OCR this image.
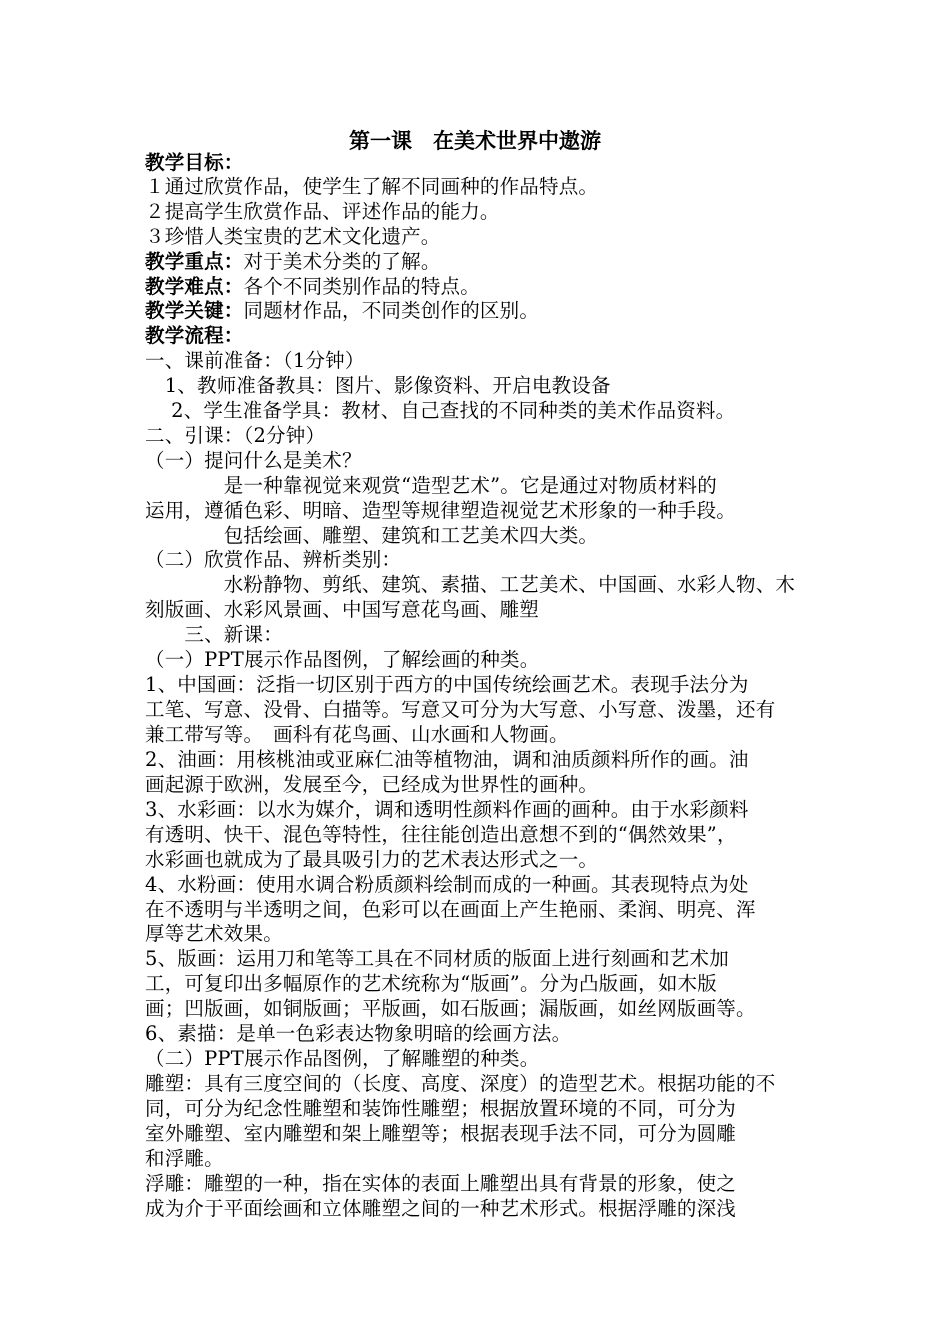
第一课　在美术世界中遨游
教学目标：
１通过欣赏作品，使学生了解不同画种的作品特点。
２提高学生欣赏作品、评述作品的能力。
３珍惜人类宝贵的艺术文化遗产。
教学重点：对于美术分类的了解。
教学难点：各个不同类别作品的特点。
教学关键：同题材作品，不同类创作的区别。
教学流程：
一、课前准备：（1分钟）
　1、教师准备教具：图片、影像资料、开启电教设备
　 2、学生准备学具：教材、自己查找的不同种类的美术作品资料。
二、引课：（2分钟）
（一）提问什么是美术？
　　　　是一种靠视觉来观赏“造型艺术”。它是通过对物质材料的
运用，遵循色彩、明暗、造型等规律塑造视觉艺术形象的一种手段。
　　　　包括绘画、雕塑、建筑和工艺美术四大类。
（二）欣赏作品、辨析类别：
　　　　水粉静物、剪纸、建筑、素描、工艺美术、中国画、水彩人物、木
刻版画、水彩风景画、中国写意花鸟画、雕塑
　　三、新课：
（一）PPT展示作品图例，了解绘画的种类。
1、中国画：泛指一切区别于西方的中国传统绘画艺术。表现手法分为
工笔、写意、没骨、白描等。写意又可分为大写意、小写意、泼墨，还有
兼工带写等。　画科有花鸟画、山水画和人物画。
2、油画：用核桃油或亚麻仁油等植物油，调和油质颜料所作的画。油
画起源于欧洲，发展至今，已经成为世界性的画种。
3、水彩画：以水为媒介，调和透明性颜料作画的画种。由于水彩颜料
有透明、快干、混色等特性，往往能创造出意想不到的“偶然效果”，
水彩画也就成为了最具吸引力的艺术表达形式之一。
4、水粉画：使用水调合粉质颜料绘制而成的一种画。其表现特点为处
在不透明与半透明之间，色彩可以在画面上产生艳丽、柔润、明亮、浑
厚等艺术效果。
5、版画：运用刀和笔等工具在不同材质的版面上进行刻画和艺术加
工，可复印出多幅原作的艺术统称为“版画”。分为凸版画，如木版
画；凹版画，如铜版画；平版画，如石版画；漏版画，如丝网版画等。
6、素描：是单一色彩表达物象明暗的绘画方法。
（二）PPT展示作品图例，了解雕塑的种类。
雕塑：具有三度空间的（长度、高度、深度）的造型艺术。根据功能的不
同，可分为纪念性雕塑和装饰性雕塑；根据放置环境的不同，可分为
室外雕塑、室内雕塑和架上雕塑等；根据表现手法不同，可分为圆雕
和浮雕。
浮雕：雕塑的一种，指在实体的表面上雕塑出具有背景的形象，使之
成为介于平面绘画和立体雕塑之间的一种艺术形式。根据浮雕的深浅
